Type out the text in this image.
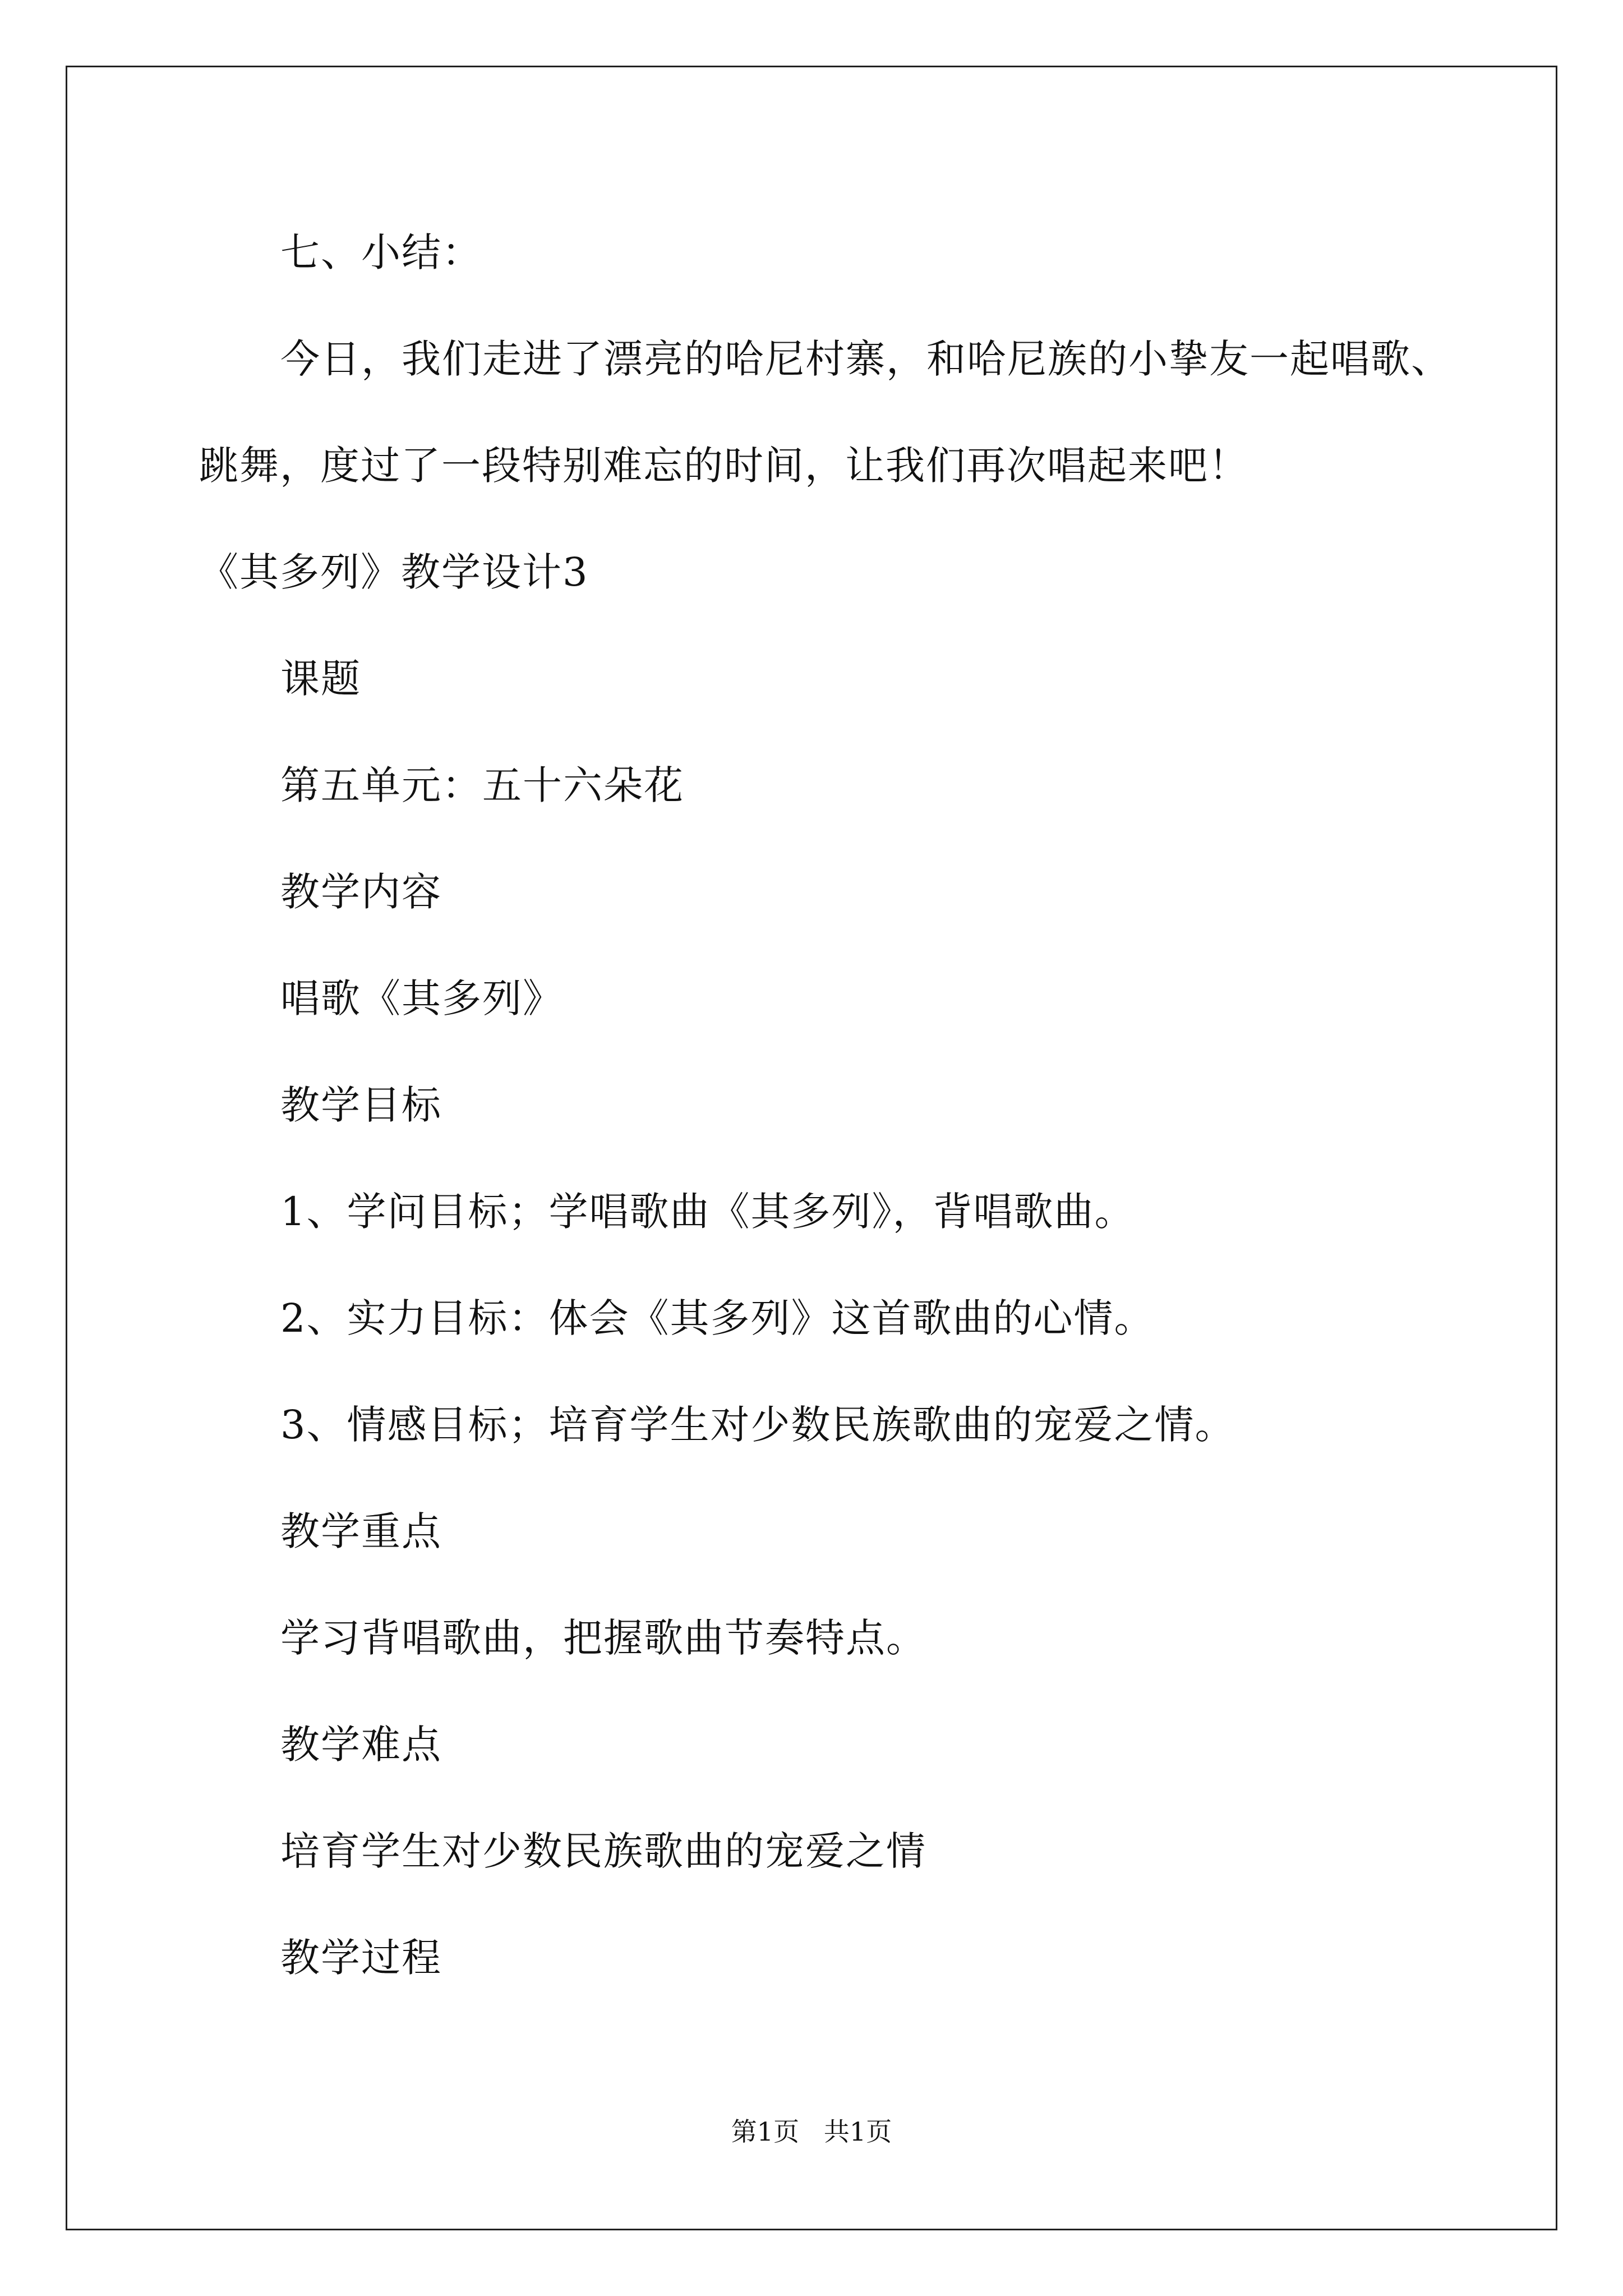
七、小结：
今日，我们走进了漂亮的哈尼村寨，和哈尼族的小挚友一起唱歌、
跳舞，度过了一段特别难忘的时间，让我们再次唱起来吧！
《其多列》教学设计3
课题
第五单元：五十六朵花
教学内容
唱歌《其多列》
教学目标
1、学问目标；学唱歌曲《其多列》，背唱歌曲。
2、实力目标：体会《其多列》这首歌曲的心情。
3、情感目标；培育学生对少数民族歌曲的宠爱之情。
教学重点
学习背唱歌曲，把握歌曲节奏特点。
教学难点
培育学生对少数民族歌曲的宠爱之情
教学过程
第1页   共1页
